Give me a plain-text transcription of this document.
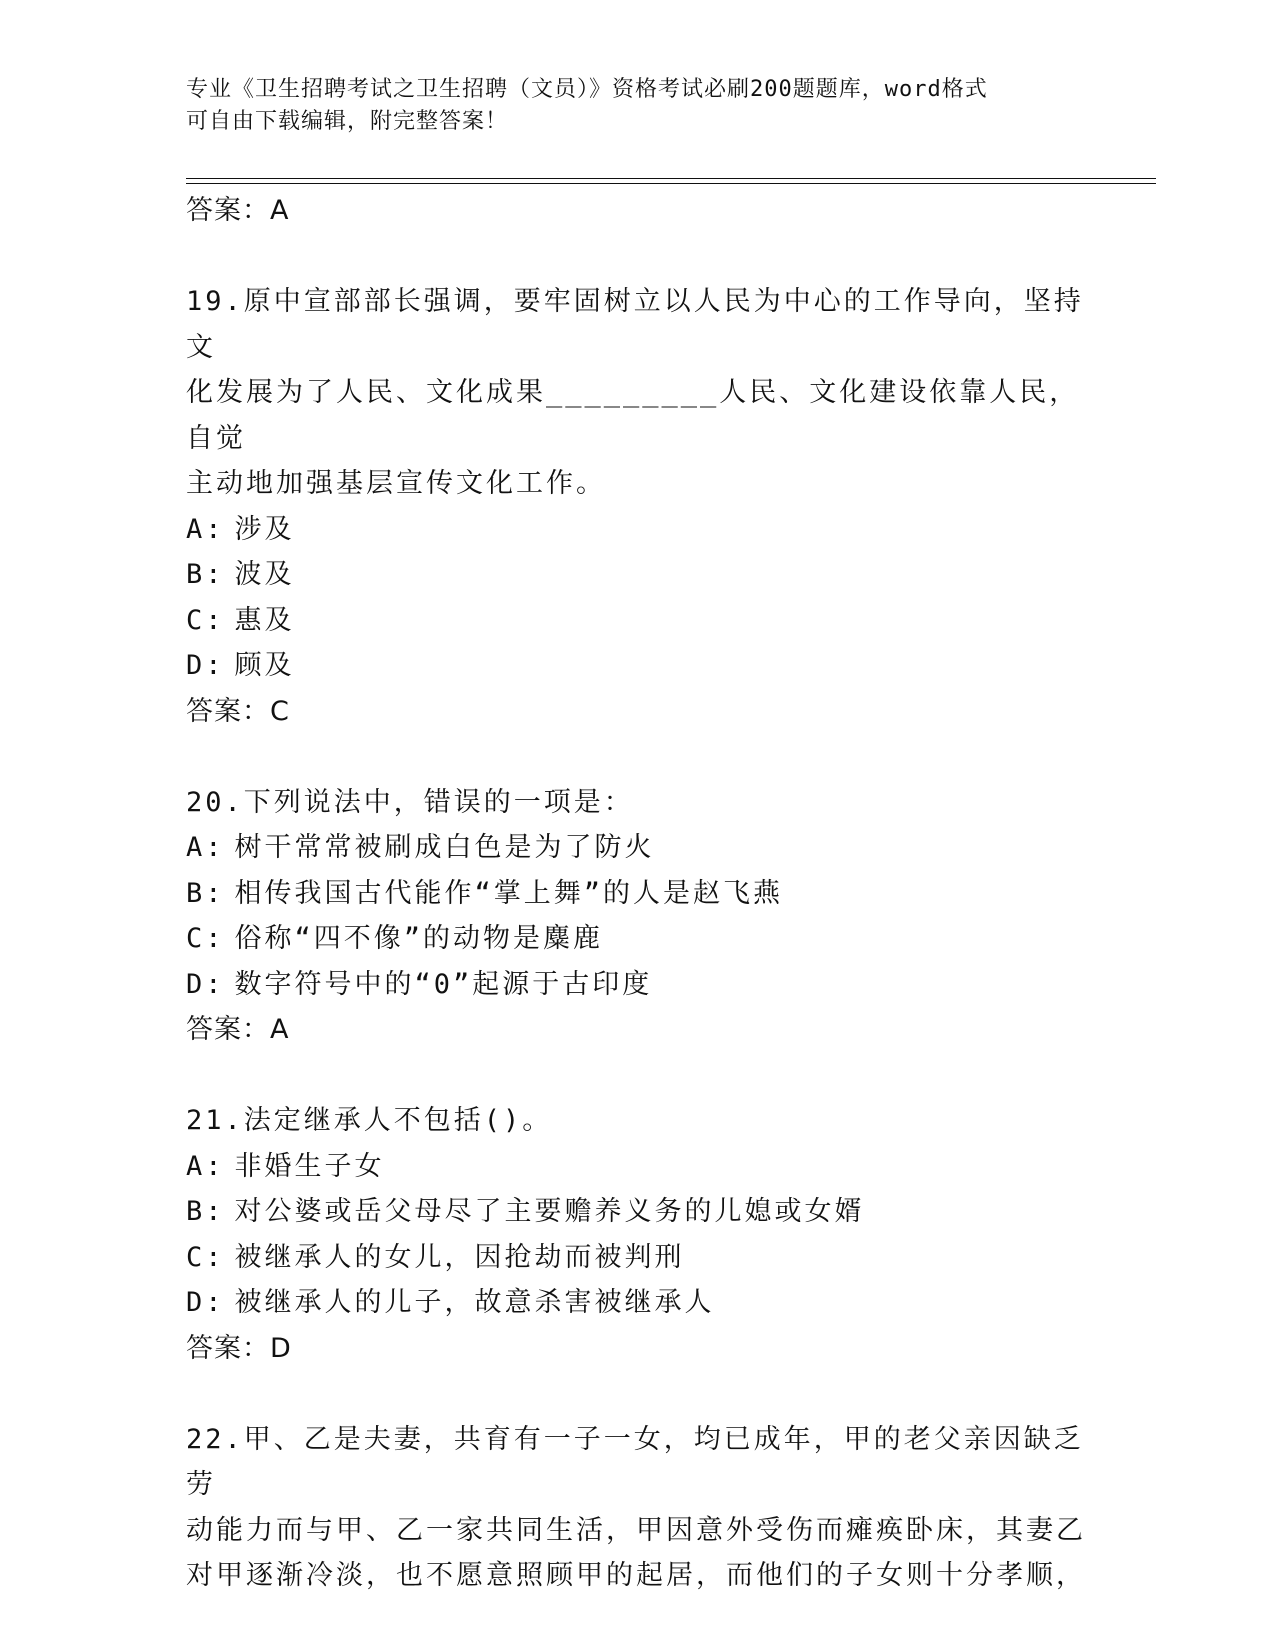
专业《卫生招聘考试之卫生招聘（文员）》资格考试必刷200题题库，word格式
可自由下载编辑，附完整答案！
答案：A
19.原中宣部部长强调，要牢固树立以人民为中心的工作导向，坚持文
化发展为了人民、文化成果_________人民、文化建设依靠人民，自觉
主动地加强基层宣传文化工作。
A: 涉及
B: 波及
C: 惠及
D: 顾及
答案：C
20.下列说法中，错误的一项是：
A: 树干常常被刷成白色是为了防火
B: 相传我国古代能作“掌上舞”的人是赵飞燕
C: 俗称“四不像”的动物是麋鹿
D: 数字符号中的“0”起源于古印度
答案：A
21.法定继承人不包括()。
A: 非婚生子女
B: 对公婆或岳父母尽了主要赡养义务的儿媳或女婿
C: 被继承人的女儿，因抢劫而被判刑
D: 被继承人的儿子，故意杀害被继承人
答案：D
22.甲、乙是夫妻，共育有一子一女，均已成年，甲的老父亲因缺乏劳
动能力而与甲、乙一家共同生活，甲因意外受伤而瘫痪卧床，其妻乙
对甲逐渐冷淡，也不愿意照顾甲的起居，而他们的子女则十分孝顺，
